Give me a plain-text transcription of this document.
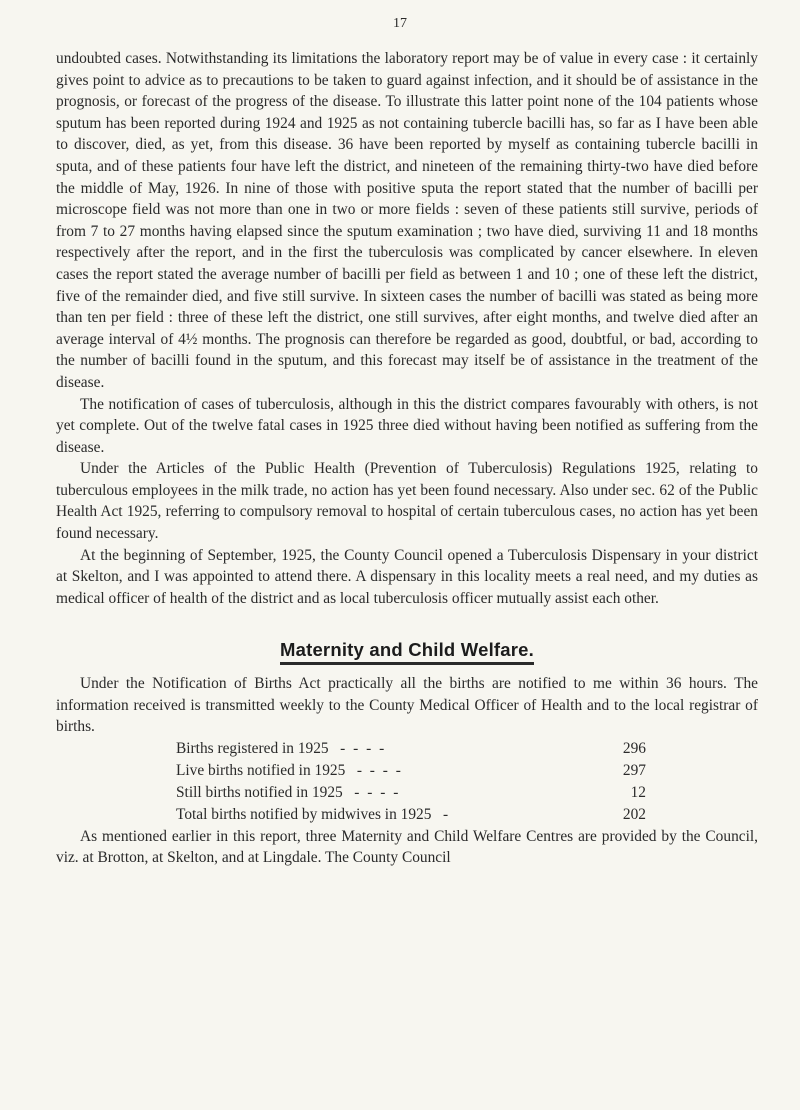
17

undoubted cases. Notwithstanding its limitations the laboratory report may be of value in every case : it certainly gives point to advice as to precautions to be taken to guard against infection, and it should be of assistance in the prognosis, or forecast of the progress of the disease. To illustrate this latter point none of the 104 patients whose sputum has been reported during 1924 and 1925 as not containing tubercle bacilli has, so far as I have been able to discover, died, as yet, from this disease. 36 have been reported by myself as containing tubercle bacilli in sputa, and of these patients four have left the district, and nineteen of the remaining thirty-two have died before the middle of May, 1926. In nine of those with positive sputa the report stated that the number of bacilli per microscope field was not more than one in two or more fields : seven of these patients still survive, periods of from 7 to 27 months having elapsed since the sputum examination ; two have died, surviving 11 and 18 months respectively after the report, and in the first the tuberculosis was complicated by cancer elsewhere. In eleven cases the report stated the average number of bacilli per field as between 1 and 10 ; one of these left the district, five of the remainder died, and five still survive. In sixteen cases the number of bacilli was stated as being more than ten per field : three of these left the district, one still survives, after eight months, and twelve died after an average interval of 4½ months. The prognosis can therefore be regarded as good, doubtful, or bad, according to the number of bacilli found in the sputum, and this forecast may itself be of assistance in the treatment of the disease.

The notification of cases of tuberculosis, although in this the district compares favourably with others, is not yet complete. Out of the twelve fatal cases in 1925 three died without having been notified as suffering from the disease.

Under the Articles of the Public Health (Prevention of Tuberculosis) Regulations 1925, relating to tuberculous employees in the milk trade, no action has yet been found necessary. Also under sec. 62 of the Public Health Act 1925, referring to compulsory removal to hospital of certain tuberculous cases, no action has yet been found necessary.

At the beginning of September, 1925, the County Council opened a Tuberculosis Dispensary in your district at Skelton, and I was appointed to attend there. A dispensary in this locality meets a real need, and my duties as medical officer of health of the district and as local tuberculosis officer mutually assist each other.

Maternity and Child Welfare.

Under the Notification of Births Act practically all the births are notified to me within 36 hours. The information received is transmitted weekly to the County Medical Officer of Health and to the local registrar of births.

Births registered in 1925 - - - -	296
Live births notified in 1925 - - - -	297
Still births notified in 1925 - - - -	12
Total births notified by midwives in 1925 -	202

As mentioned earlier in this report, three Maternity and Child Welfare Centres are provided by the Council, viz. at Brotton, at Skelton, and at Lingdale. The County Council
